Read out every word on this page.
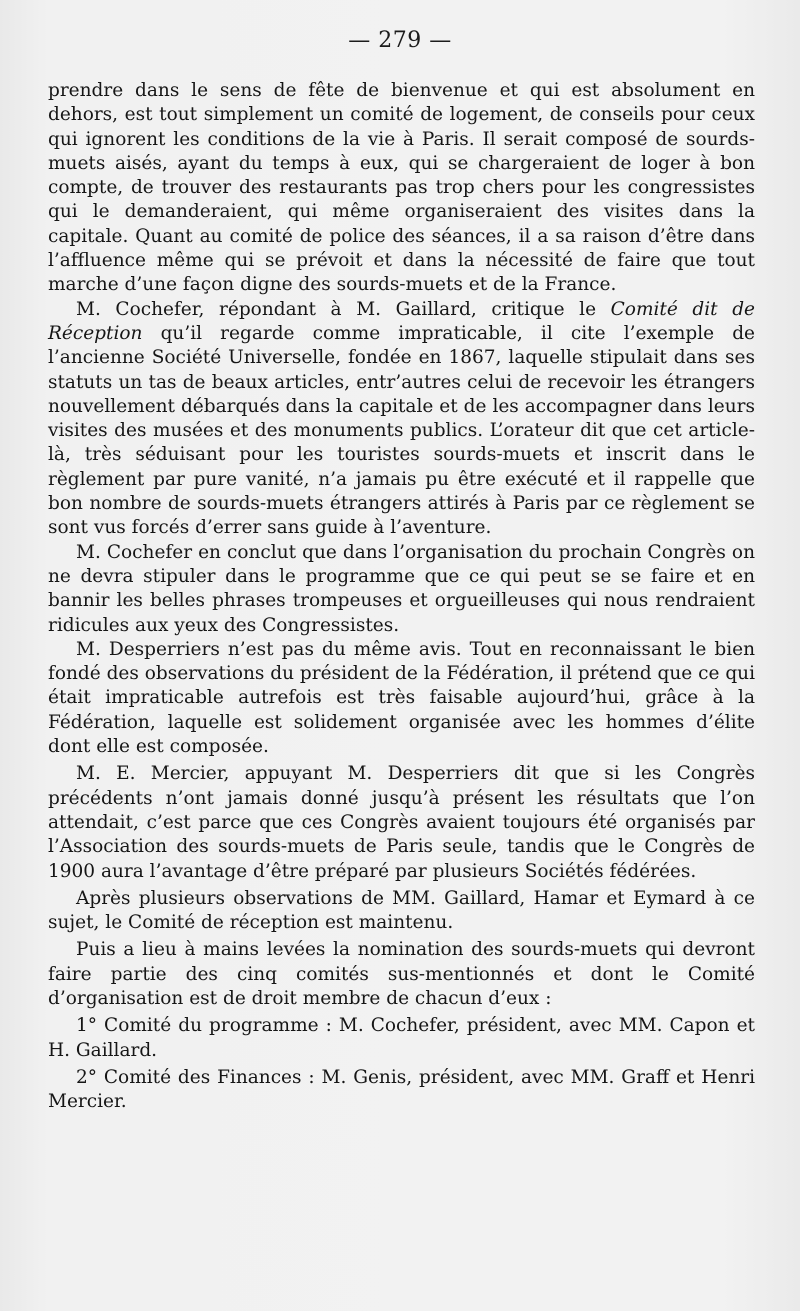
— 279 —

prendre dans le sens de fête de bienvenue et qui est absolument en dehors, est tout simplement un comité de logement, de conseils pour ceux qui ignorent les conditions de la vie à Paris. Il serait composé de sourds-muets aisés, ayant du temps à eux, qui se chargeraient de loger à bon compte, de trouver des restaurants pas trop chers pour les congressistes qui le demanderaient, qui même organiseraient des visites dans la capitale. Quant au comité de police des séances, il a sa raison d’être dans l’affluence même qui se prévoit et dans la nécessité de faire que tout marche d’une façon digne des sourds-muets et de la France.

M. Cochefer, répondant à M. Gaillard, critique le Comité dit de Réception qu’il regarde comme impraticable, il cite l’exemple de l’ancienne Société Universelle, fondée en 1867, laquelle stipulait dans ses statuts un tas de beaux articles, entr’autres celui de recevoir les étrangers nouvellement débarqués dans la capitale et de les accompagner dans leurs visites des musées et des monuments publics. L’orateur dit que cet article-là, très séduisant pour les touristes sourds-muets et inscrit dans le règlement par pure vanité, n’a jamais pu être exécuté et il rappelle que bon nombre de sourds-muets étrangers attirés à Paris par ce règlement se sont vus forcés d’errer sans guide à l’aventure.

M. Cochefer en conclut que dans l’organisation du prochain Congrès on ne devra stipuler dans le programme que ce qui peut se se faire et en bannir les belles phrases trompeuses et orgueilleuses qui nous rendraient ridicules aux yeux des Congressistes.

M. Desperriers n’est pas du même avis. Tout en reconnaissant le bien fondé des observations du président de la Fédération, il prétend que ce qui était impraticable autrefois est très faisable aujourd’hui, grâce à la Fédération, laquelle est solidement organisée avec les hommes d’élite dont elle est composée.

M. E. Mercier, appuyant M. Desperriers dit que si les Congrès précédents n’ont jamais donné jusqu’à présent les résultats que l’on attendait, c’est parce que ces Congrès avaient toujours été organisés par l’Association des sourds-muets de Paris seule, tandis que le Congrès de 1900 aura l’avantage d’être préparé par plusieurs Sociétés fédérées.

Après plusieurs observations de MM. Gaillard, Hamar et Eymard à ce sujet, le Comité de réception est maintenu.

Puis a lieu à mains levées la nomination des sourds-muets qui devront faire partie des cinq comités sus-mentionnés et dont le Comité d’organisation est de droit membre de chacun d’eux :

1° Comité du programme : M. Cochefer, président, avec MM. Capon et H. Gaillard.

2° Comité des Finances : M. Genis, président, avec MM. Graff et Henri Mercier.
